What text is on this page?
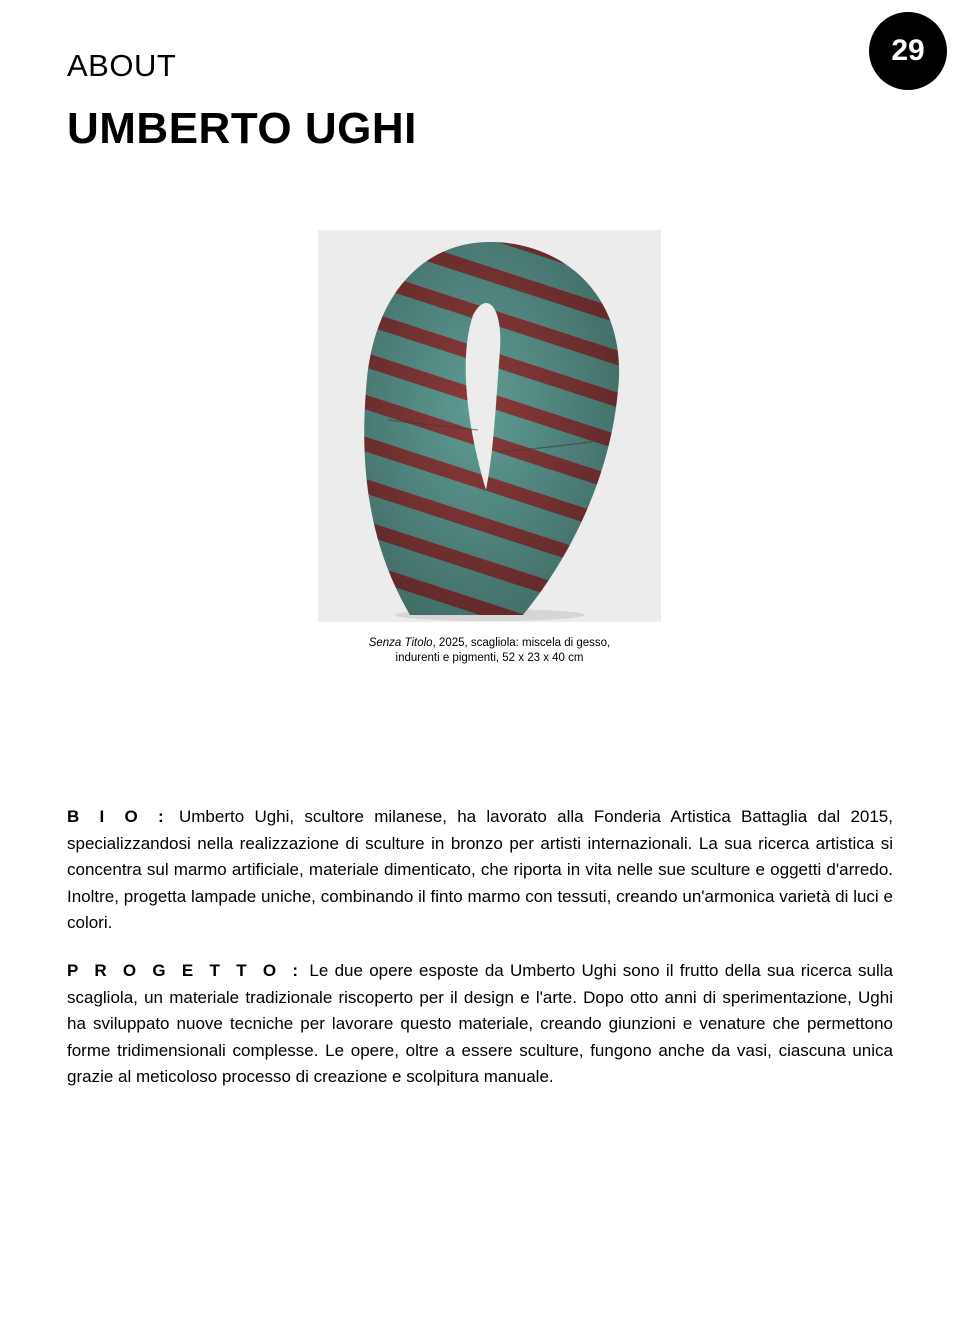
29
ABOUT
UMBERTO UGHI
Senza Titolo, 2025, scagliola: miscela di gesso,
indurenti e pigmenti, 52 x 23 x 40 cm
B I O : Umberto Ughi, scultore milanese, ha lavorato alla Fonderia Artistica Battaglia dal 2015, specializzandosi nella realizzazione di sculture in bronzo per artisti internazionali. La sua ricerca artistica si concentra sul marmo artificiale, materiale dimenticato, che riporta in vita nelle sue sculture e oggetti d'arredo. Inoltre, progetta lampade uniche, combinando il finto marmo con tessuti, creando un'armonica varietà di luci e colori.
P R O G E T T O : Le due opere esposte da Umberto Ughi sono il frutto della sua ricerca sulla scagliola, un materiale tradizionale riscoperto per il design e l'arte. Dopo otto anni di sperimentazione, Ughi ha sviluppato nuove tecniche per lavorare questo materiale, creando giunzioni e venature che permettono forme tridimensionali complesse. Le opere, oltre a essere sculture, fungono anche da vasi, ciascuna unica grazie al meticoloso processo di creazione e scolpitura manuale.
